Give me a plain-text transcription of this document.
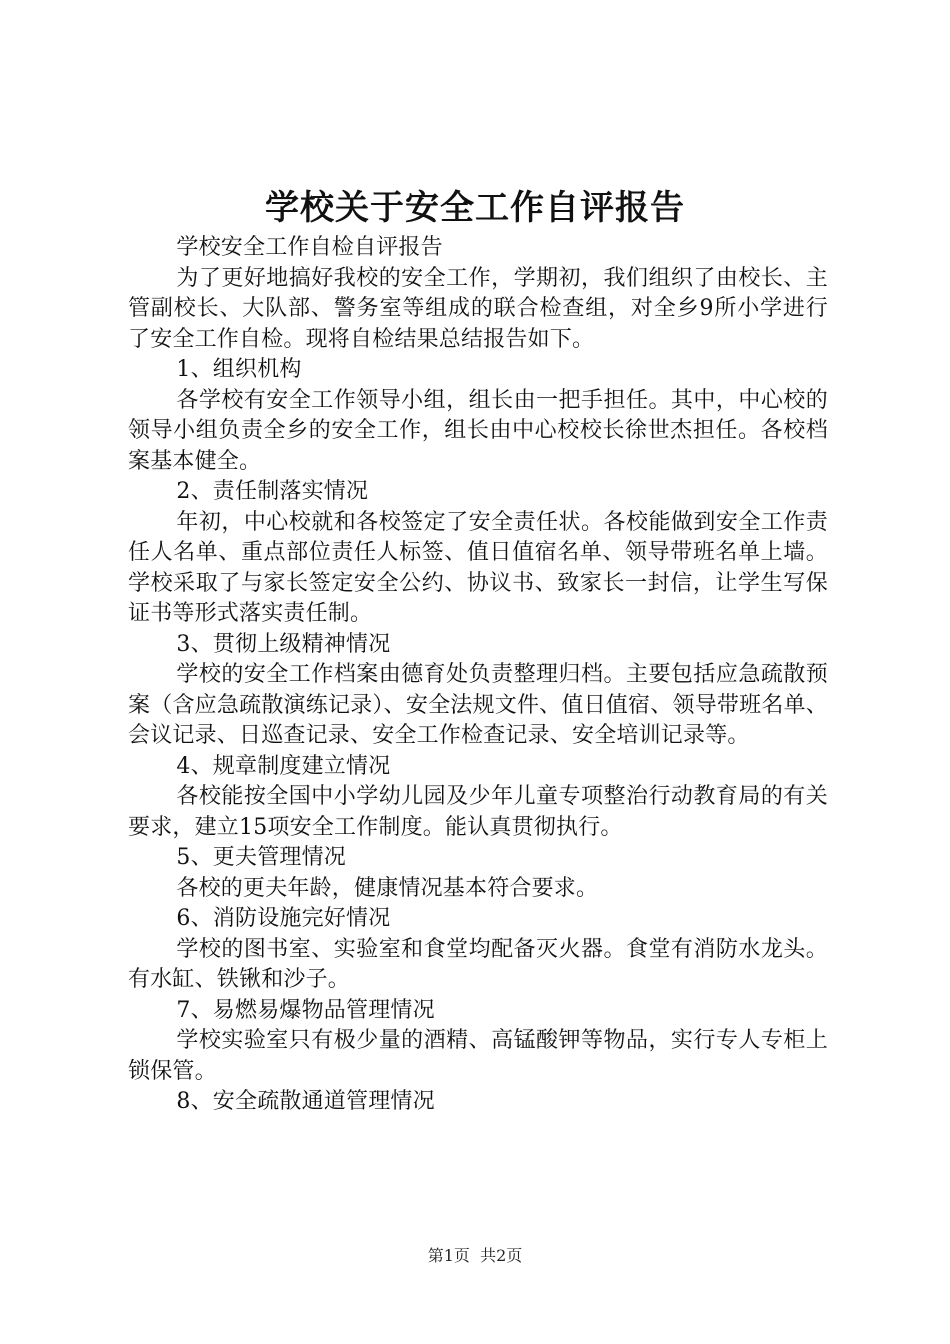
学校关于安全工作自评报告

学校安全工作自检自评报告

为了更好地搞好我校的安全工作，学期初，我们组织了由校长、主管副校长、大队部、警务室等组成的联合检查组，对全乡9所小学进行了安全工作自检。现将自检结果总结报告如下。

1、组织机构

各学校有安全工作领导小组，组长由一把手担任。其中，中心校的领导小组负责全乡的安全工作，组长由中心校校长徐世杰担任。各校档案基本健全。

2、责任制落实情况

年初，中心校就和各校签定了安全责任状。各校能做到安全工作责任人名单、重点部位责任人标签、值日值宿名单、领导带班名单上墙。学校采取了与家长签定安全公约、协议书、致家长一封信，让学生写保证书等形式落实责任制。

3、贯彻上级精神情况

学校的安全工作档案由德育处负责整理归档。主要包括应急疏散预案（含应急疏散演练记录）、安全法规文件、值日值宿、领导带班名单、会议记录、日巡查记录、安全工作检查记录、安全培训记录等。

4、规章制度建立情况

各校能按全国中小学幼儿园及少年儿童专项整治行动教育局的有关要求，建立15项安全工作制度。能认真贯彻执行。

5、更夫管理情况

各校的更夫年龄，健康情况基本符合要求。

6、消防设施完好情况

学校的图书室、实验室和食堂均配备灭火器。食堂有消防水龙头。有水缸、铁锹和沙子。

7、易燃易爆物品管理情况

学校实验室只有极少量的酒精、高锰酸钾等物品，实行专人专柜上锁保管。

8、安全疏散通道管理情况

第1页 共2页
